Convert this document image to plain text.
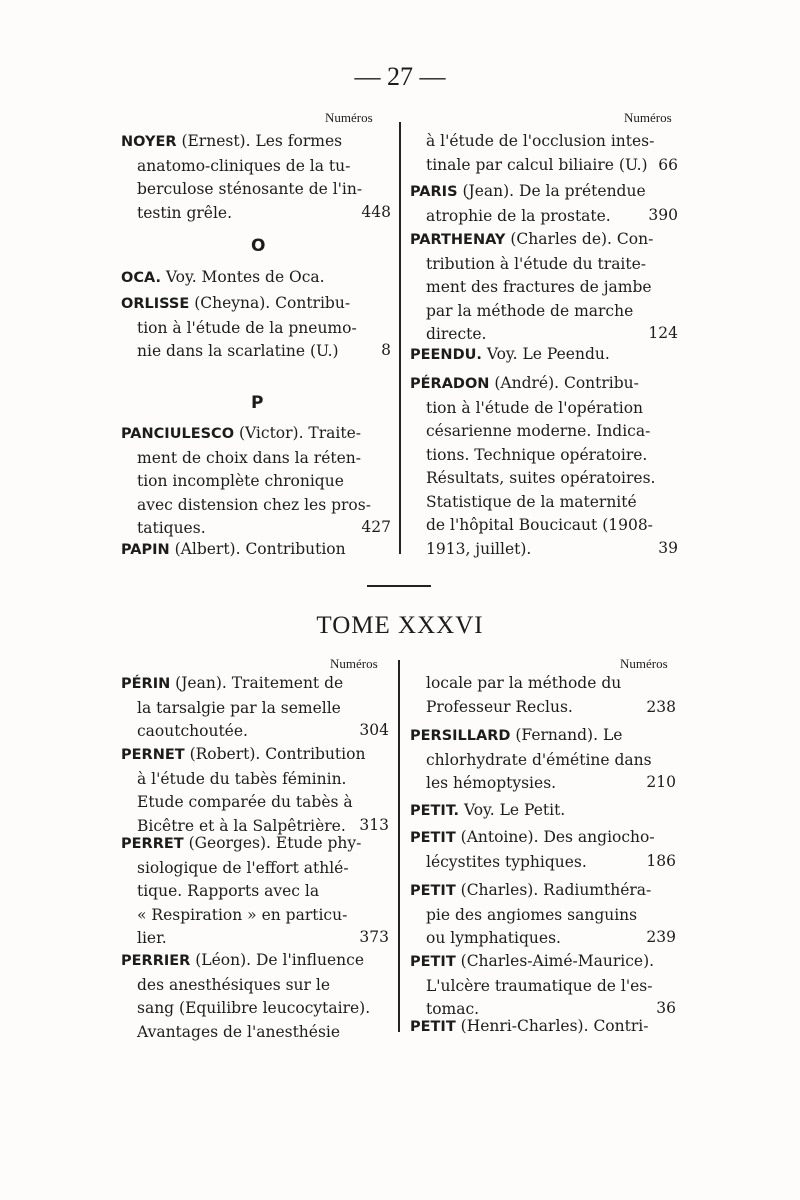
— 27 —
Numéros	Numéros
O
P
TOME XXXVI
Numéros	Numéros
NOYER (Ernest). Les formes
anatomo-cliniques de la tu-
berculose sténosante de l'in-
testin grêle.	448
OCA. Voy. Montes de Oca.
ORLISSE (Cheyna). Contribu-
tion à l'étude de la pneumo-
nie dans la scarlatine (U.)	8
PANCIULESCO (Victor). Traite-
ment de choix dans la réten-
tion incomplète chronique
avec distension chez les pros-
tatiques.	427
PAPIN (Albert). Contribution
à l'étude de l'occlusion intes-
tinale par calcul biliaire (U.) 66
PARIS (Jean). De la prétendue
atrophie de la prostate.	390
PARTHENAY (Charles de). Con-
tribution à l'étude du traite-
ment des fractures de jambe
par la méthode de marche
directe.	124
PEENDU. Voy. Le Peendu.
PÉRADON (André). Contribu-
tion à l'étude de l'opération
césarienne moderne. Indica-
tions. Technique opératoire.
Résultats, suites opératoires.
Statistique de la maternité
de l'hôpital Boucicaut (1908-
1913, juillet).	39
PÉRIN (Jean). Traitement de
la tarsalgie par la semelle
caoutchoutée.	304
PERNET (Robert). Contribution
à l'étude du tabès féminin.
Etude comparée du tabès à
Bicêtre et à la Salpêtrière. 313
PERRET (Georges). Etude phy-
siologique de l'effort athlé-
tique. Rapports avec la
« Respiration » en particu-
lier.	373
PERRIER (Léon). De l'influence
des anesthésiques sur le
sang (Equilibre leucocytaire).
Avantages de l'anesthésie
locale par la méthode du
Professeur Reclus.	238
PERSILLARD (Fernand). Le
chlorhydrate d'émétine dans
les hémoptysies.	210
PETIT. Voy. Le Petit.
PETIT (Antoine). Des angiocho-
lécystites typhiques.	186
PETIT (Charles). Radiumthéra-
pie des angiomes sanguins
ou lymphatiques.	239
PETIT (Charles-Aimé-Maurice).
L'ulcère traumatique de l'es-
tomac.	36
PETIT (Henri-Charles). Contri-
